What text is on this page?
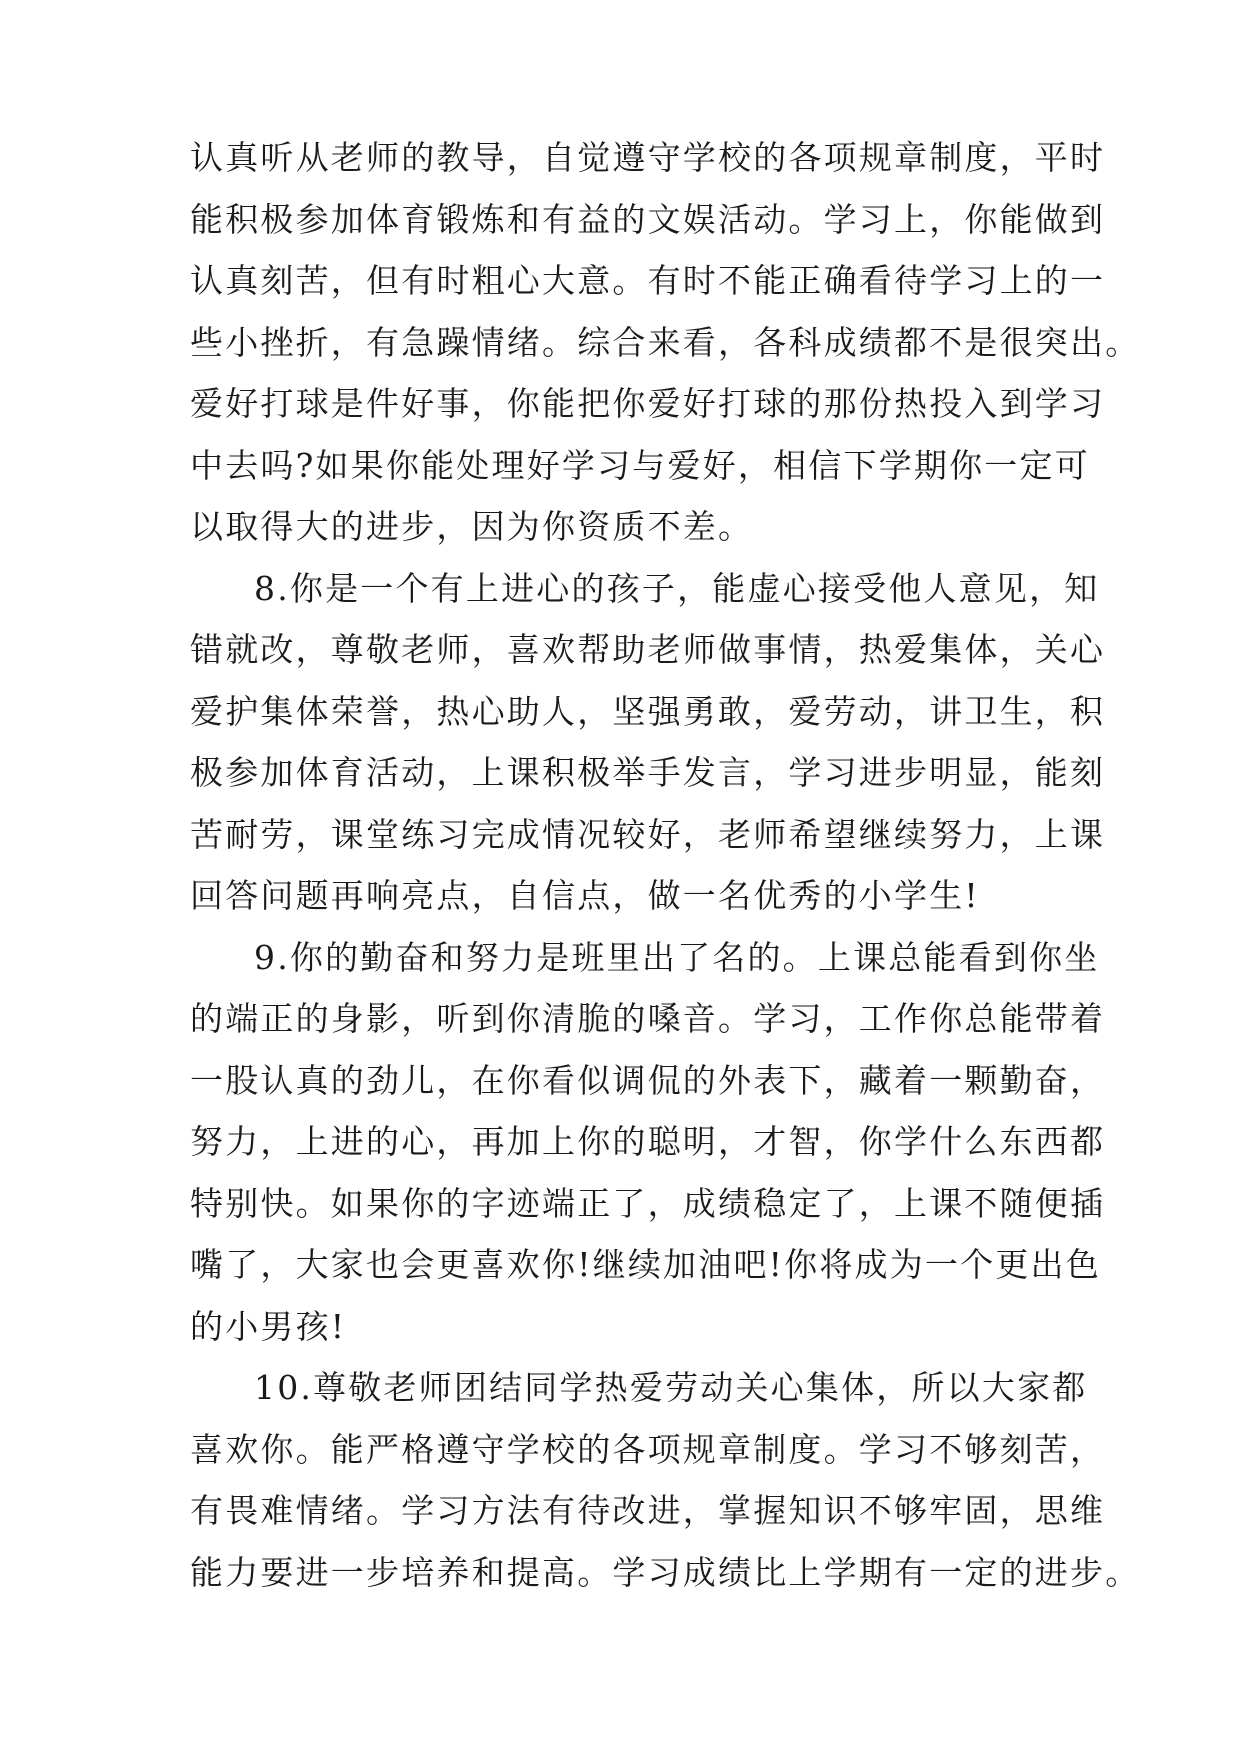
认真听从老师的教导，自觉遵守学校的各项规章制度，平时
能积极参加体育锻炼和有益的文娱活动。学习上，你能做到
认真刻苦，但有时粗心大意。有时不能正确看待学习上的一
些小挫折，有急躁情绪。综合来看，各科成绩都不是很突出。
爱好打球是件好事，你能把你爱好打球的那份热投入到学习
中去吗?如果你能处理好学习与爱好，相信下学期你一定可
以取得大的进步，因为你资质不差。
8.你是一个有上进心的孩子，能虚心接受他人意见，知
错就改，尊敬老师，喜欢帮助老师做事情，热爱集体，关心
爱护集体荣誉，热心助人，坚强勇敢，爱劳动，讲卫生，积
极参加体育活动，上课积极举手发言，学习进步明显，能刻
苦耐劳，课堂练习完成情况较好，老师希望继续努力，上课
回答问题再响亮点，自信点，做一名优秀的小学生!
9.你的勤奋和努力是班里出了名的。上课总能看到你坐
的端正的身影，听到你清脆的嗓音。学习，工作你总能带着
一股认真的劲儿，在你看似调侃的外表下，藏着一颗勤奋，
努力，上进的心，再加上你的聪明，才智，你学什么东西都
特别快。如果你的字迹端正了，成绩稳定了，上课不随便插
嘴了，大家也会更喜欢你!继续加油吧!你将成为一个更出色
的小男孩!
10.尊敬老师团结同学热爱劳动关心集体，所以大家都
喜欢你。能严格遵守学校的各项规章制度。学习不够刻苦，
有畏难情绪。学习方法有待改进，掌握知识不够牢固，思维
能力要进一步培养和提高。学习成绩比上学期有一定的进步。
